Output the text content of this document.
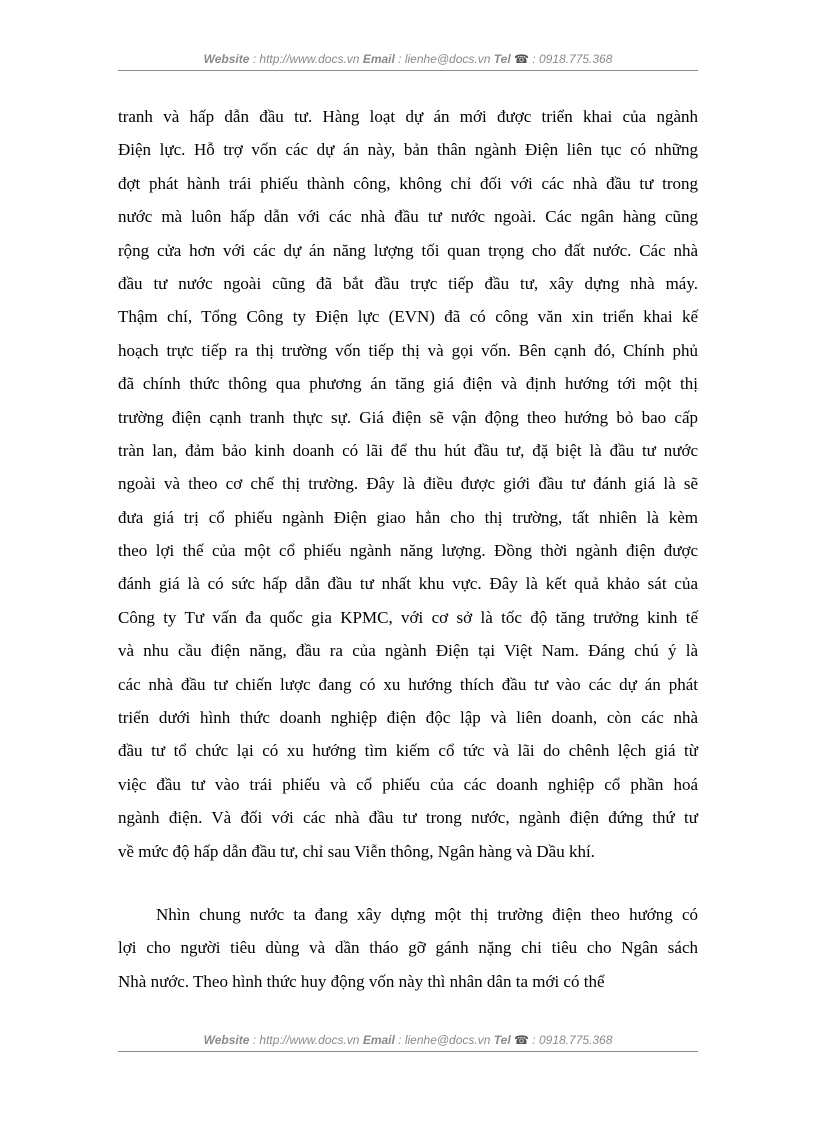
Website : http://www.docs.vn Email : lienhe@docs.vn Tel ☎ : 0918.775.368
tranh và hấp dẫn đầu tư. Hàng loạt dự án mới được triển khai của ngành
Điện lực. Hỗ trợ vốn các dự án này, bản thân ngành Điện liên tục có những
đợt phát hành trái phiếu thành công, không chỉ đối với các nhà đầu tư trong
nước mà luôn hấp dẫn với các nhà đầu tư nước ngoài. Các ngân hàng cũng
rộng cửa hơn với các dự án năng lượng tối quan trọng cho đất nước. Các nhà
đầu tư nước ngoài cũng đã bắt đầu trực tiếp đầu tư, xây dựng nhà máy.
Thậm chí, Tổng Công ty Điện lực (EVN) đã có công văn xin triển khai kế
hoạch trực tiếp ra thị trường vốn tiếp thị và gọi vốn. Bên cạnh đó, Chính phủ
đã chính thức thông qua phương án tăng giá điện và định hướng tới một thị
trường điện cạnh tranh thực sự. Giá điện sẽ vận động theo hướng bỏ bao cấp
tràn lan, đảm bảo kinh doanh có lãi để thu hút đầu tư, đặ biệt là đầu tư nước
ngoài và theo cơ chế thị trường. Đây là điều được giới đầu tư đánh giá là sẽ
đưa giá trị cổ phiếu ngành Điện giao hẳn cho thị trường, tất nhiên là kèm
theo lợi thế của một cổ phiếu ngành năng lượng. Đồng thời ngành điện được
đánh giá là có sức hấp dẫn đầu tư nhất khu vực. Đây là kết quả khảo sát của
Công ty Tư vấn đa quốc gia KPMC, với cơ sở là tốc độ tăng trưởng kinh tế
và nhu cầu điện năng, đầu ra của ngành Điện tại Việt Nam. Đáng chú ý là
các nhà đầu tư chiến lược đang có xu hướng thích đầu tư vào các dự án phát
triển dưới hình thức doanh nghiệp điện độc lập và liên doanh, còn các nhà
đầu tư tổ chức lại có xu hướng tìm kiếm cổ tức và lãi do chênh lệch giá từ
việc đầu tư vào trái phiếu và cổ phiếu của các doanh nghiệp cổ phần hoá
ngành điện. Và đối với các nhà đầu tư trong nước, ngành điện đứng thứ tư
về mức độ hấp dẫn đầu tư, chỉ sau Viễn thông, Ngân hàng và Dầu khí.
Nhìn chung nước ta đang xây dựng một thị trường điện theo hướng có
lợi cho người tiêu dùng và dần tháo gỡ gánh nặng chi tiêu cho Ngân sách
Nhà nước. Theo hình thức huy động vốn này thì nhân dân ta mới có thể
Website : http://www.docs.vn Email : lienhe@docs.vn Tel ☎ : 0918.775.368
